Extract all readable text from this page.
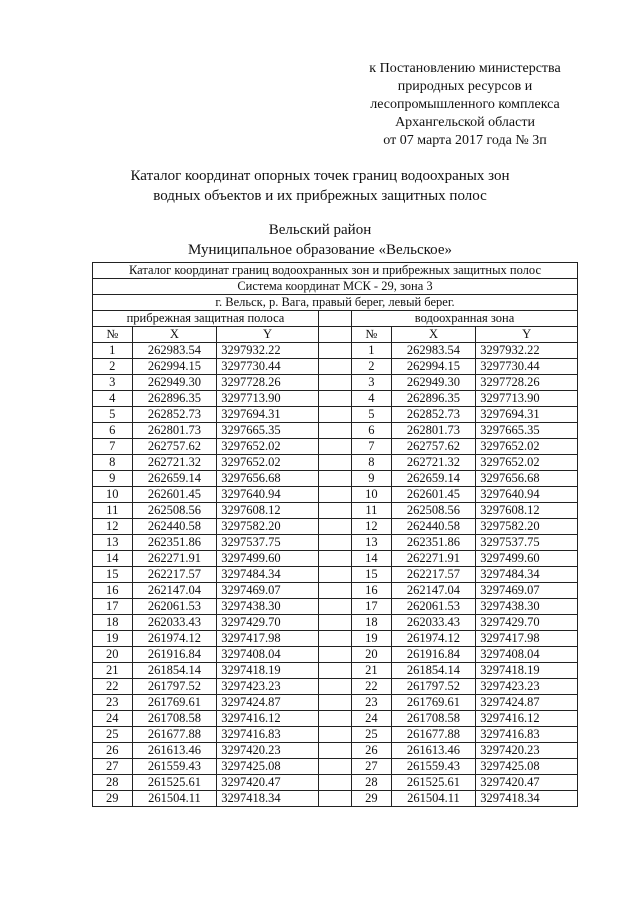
к Постановлению министерства
природных ресурсов и
лесопромышленного комплекса
Архангельской области
от 07 марта 2017 года № 3п
Каталог координат опорных точек границ водоохраных зон
водных объектов и их прибрежных защитных полос
Вельский район
Муниципальное образование «Вельское»
Каталог координат границ водоохранных зон и прибрежных защитных полос						
Система координат МСК - 29, зона 3						
г. Вельск, р. Вага, правый берег, левый берег.						
прибрежная защитная полоса				водоохранная зона		
№	X	Y		№	X	Y
1	262983.54	3297932.22		1	262983.54	3297932.22
2	262994.15	3297730.44		2	262994.15	3297730.44
3	262949.30	3297728.26		3	262949.30	3297728.26
4	262896.35	3297713.90		4	262896.35	3297713.90
5	262852.73	3297694.31		5	262852.73	3297694.31
6	262801.73	3297665.35		6	262801.73	3297665.35
7	262757.62	3297652.02		7	262757.62	3297652.02
8	262721.32	3297652.02		8	262721.32	3297652.02
9	262659.14	3297656.68		9	262659.14	3297656.68
10	262601.45	3297640.94		10	262601.45	3297640.94
11	262508.56	3297608.12		11	262508.56	3297608.12
12	262440.58	3297582.20		12	262440.58	3297582.20
13	262351.86	3297537.75		13	262351.86	3297537.75
14	262271.91	3297499.60		14	262271.91	3297499.60
15	262217.57	3297484.34		15	262217.57	3297484.34
16	262147.04	3297469.07		16	262147.04	3297469.07
17	262061.53	3297438.30		17	262061.53	3297438.30
18	262033.43	3297429.70		18	262033.43	3297429.70
19	261974.12	3297417.98		19	261974.12	3297417.98
20	261916.84	3297408.04		20	261916.84	3297408.04
21	261854.14	3297418.19		21	261854.14	3297418.19
22	261797.52	3297423.23		22	261797.52	3297423.23
23	261769.61	3297424.87		23	261769.61	3297424.87
24	261708.58	3297416.12		24	261708.58	3297416.12
25	261677.88	3297416.83		25	261677.88	3297416.83
26	261613.46	3297420.23		26	261613.46	3297420.23
27	261559.43	3297425.08		27	261559.43	3297425.08
28	261525.61	3297420.47		28	261525.61	3297420.47
29	261504.11	3297418.34		29	261504.11	3297418.34
